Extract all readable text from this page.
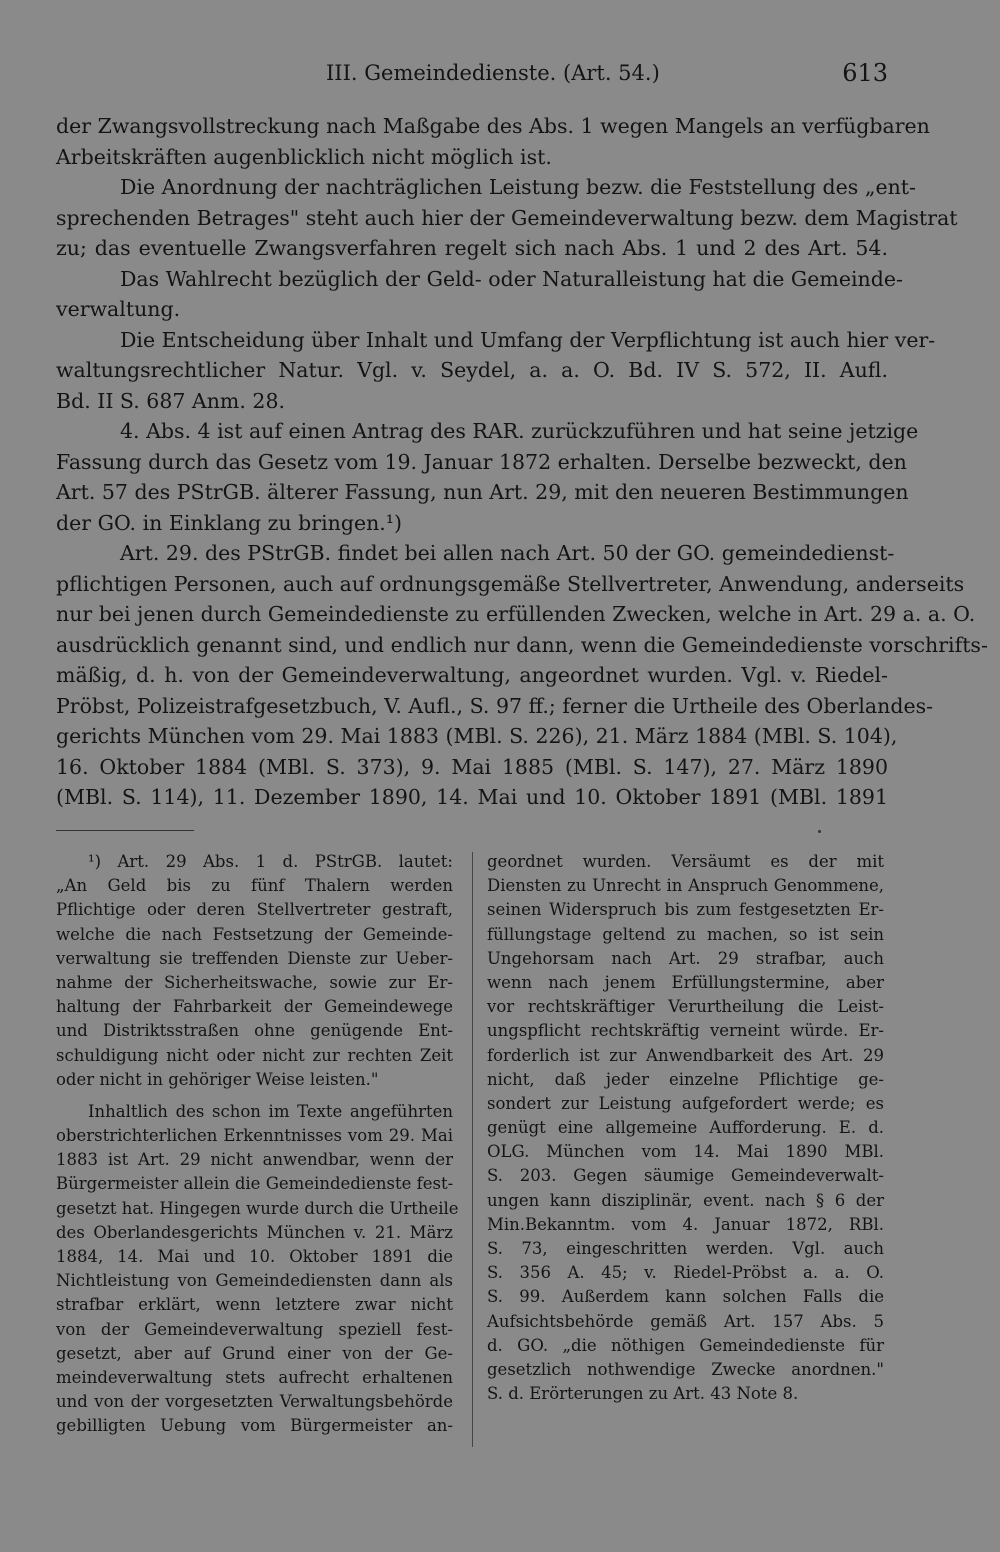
III. Gemeindedienste. (Art. 54.)	613
der Zwangsvollstreckung nach Maßgabe des Abs. 1 wegen Mangels an verfügbaren
Arbeitskräften augenblicklich nicht möglich ist.
Die Anordnung der nachträglichen Leistung bezw. die Feststellung des „ent-
sprechenden Betrages" steht auch hier der Gemeindeverwaltung bezw. dem Magistrat
zu; das eventuelle Zwangsverfahren regelt sich nach Abs. 1 und 2 des Art. 54.
Das Wahlrecht bezüglich der Geld- oder Naturalleistung hat die Gemeinde-
verwaltung.
Die Entscheidung über Inhalt und Umfang der Verpflichtung ist auch hier ver-
waltungsrechtlicher Natur. Vgl. v. Seydel, a. a. O. Bd. IV S. 572, II. Aufl.
Bd. II S. 687 Anm. 28.
4. Abs. 4 ist auf einen Antrag des RAR. zurückzuführen und hat seine jetzige
Fassung durch das Gesetz vom 19. Januar 1872 erhalten. Derselbe bezweckt, den
Art. 57 des PStrGB. älterer Fassung, nun Art. 29, mit den neueren Bestimmungen
der GO. in Einklang zu bringen.¹)
Art. 29. des PStrGB. findet bei allen nach Art. 50 der GO. gemeindedienst-
pflichtigen Personen, auch auf ordnungsgemäße Stellvertreter, Anwendung, anderseits
nur bei jenen durch Gemeindedienste zu erfüllenden Zwecken, welche in Art. 29 a. a. O.
ausdrücklich genannt sind, und endlich nur dann, wenn die Gemeindedienste vorschrifts-
mäßig, d. h. von der Gemeindeverwaltung, angeordnet wurden. Vgl. v. Riedel-
Pröbst, Polizeistrafgesetzbuch, V. Aufl., S. 97 ff.; ferner die Urtheile des Oberlandes-
gerichts München vom 29. Mai 1883 (MBl. S. 226), 21. März 1884 (MBl. S. 104),
16. Oktober 1884 (MBl. S. 373), 9. Mai 1885 (MBl. S. 147), 27. März 1890
(MBl. S. 114), 11. Dezember 1890, 14. Mai und 10. Oktober 1891 (MBl. 1891
¹) Art. 29 Abs. 1 d. PStrGB. lautet:
„An Geld bis zu fünf Thalern werden
Pflichtige oder deren Stellvertreter gestraft,
welche die nach Festsetzung der Gemeinde-
verwaltung sie treffenden Dienste zur Ueber-
nahme der Sicherheitswache, sowie zur Er-
haltung der Fahrbarkeit der Gemeindewege
und Distriktsstraßen ohne genügende Ent-
schuldigung nicht oder nicht zur rechten Zeit
oder nicht in gehöriger Weise leisten."
Inhaltlich des schon im Texte angeführten
oberstrichterlichen Erkenntnisses vom 29. Mai
1883 ist Art. 29 nicht anwendbar, wenn der
Bürgermeister allein die Gemeindedienste fest-
gesetzt hat. Hingegen wurde durch die Urtheile
des Oberlandesgerichts München v. 21. März
1884, 14. Mai und 10. Oktober 1891 die
Nichtleistung von Gemeindediensten dann als
strafbar erklärt, wenn letztere zwar nicht
von der Gemeindeverwaltung speziell fest-
gesetzt, aber auf Grund einer von der Ge-
meindeverwaltung stets aufrecht erhaltenen
und von der vorgesetzten Verwaltungsbehörde
gebilligten Uebung vom Bürgermeister an-
geordnet wurden. Versäumt es der mit
Diensten zu Unrecht in Anspruch Genommene,
seinen Widerspruch bis zum festgesetzten Er-
füllungstage geltend zu machen, so ist sein
Ungehorsam nach Art. 29 strafbar, auch
wenn nach jenem Erfüllungstermine, aber
vor rechtskräftiger Verurtheilung die Leist-
ungspflicht rechtskräftig verneint würde. Er-
forderlich ist zur Anwendbarkeit des Art. 29
nicht, daß jeder einzelne Pflichtige ge-
sondert zur Leistung aufgefordert werde; es
genügt eine allgemeine Aufforderung. E. d.
OLG. München vom 14. Mai 1890 MBl.
S. 203. Gegen säumige Gemeindeverwalt-
ungen kann disziplinär, event. nach § 6 der
Min.Bekanntm. vom 4. Januar 1872, RBl.
S. 73, eingeschritten werden. Vgl. auch
S. 356 A. 45; v. Riedel-Pröbst a. a. O.
S. 99. Außerdem kann solchen Falls die
Aufsichtsbehörde gemäß Art. 157 Abs. 5
d. GO. „die nöthigen Gemeindedienste für
gesetzlich nothwendige Zwecke anordnen."
S. d. Erörterungen zu Art. 43 Note 8.
